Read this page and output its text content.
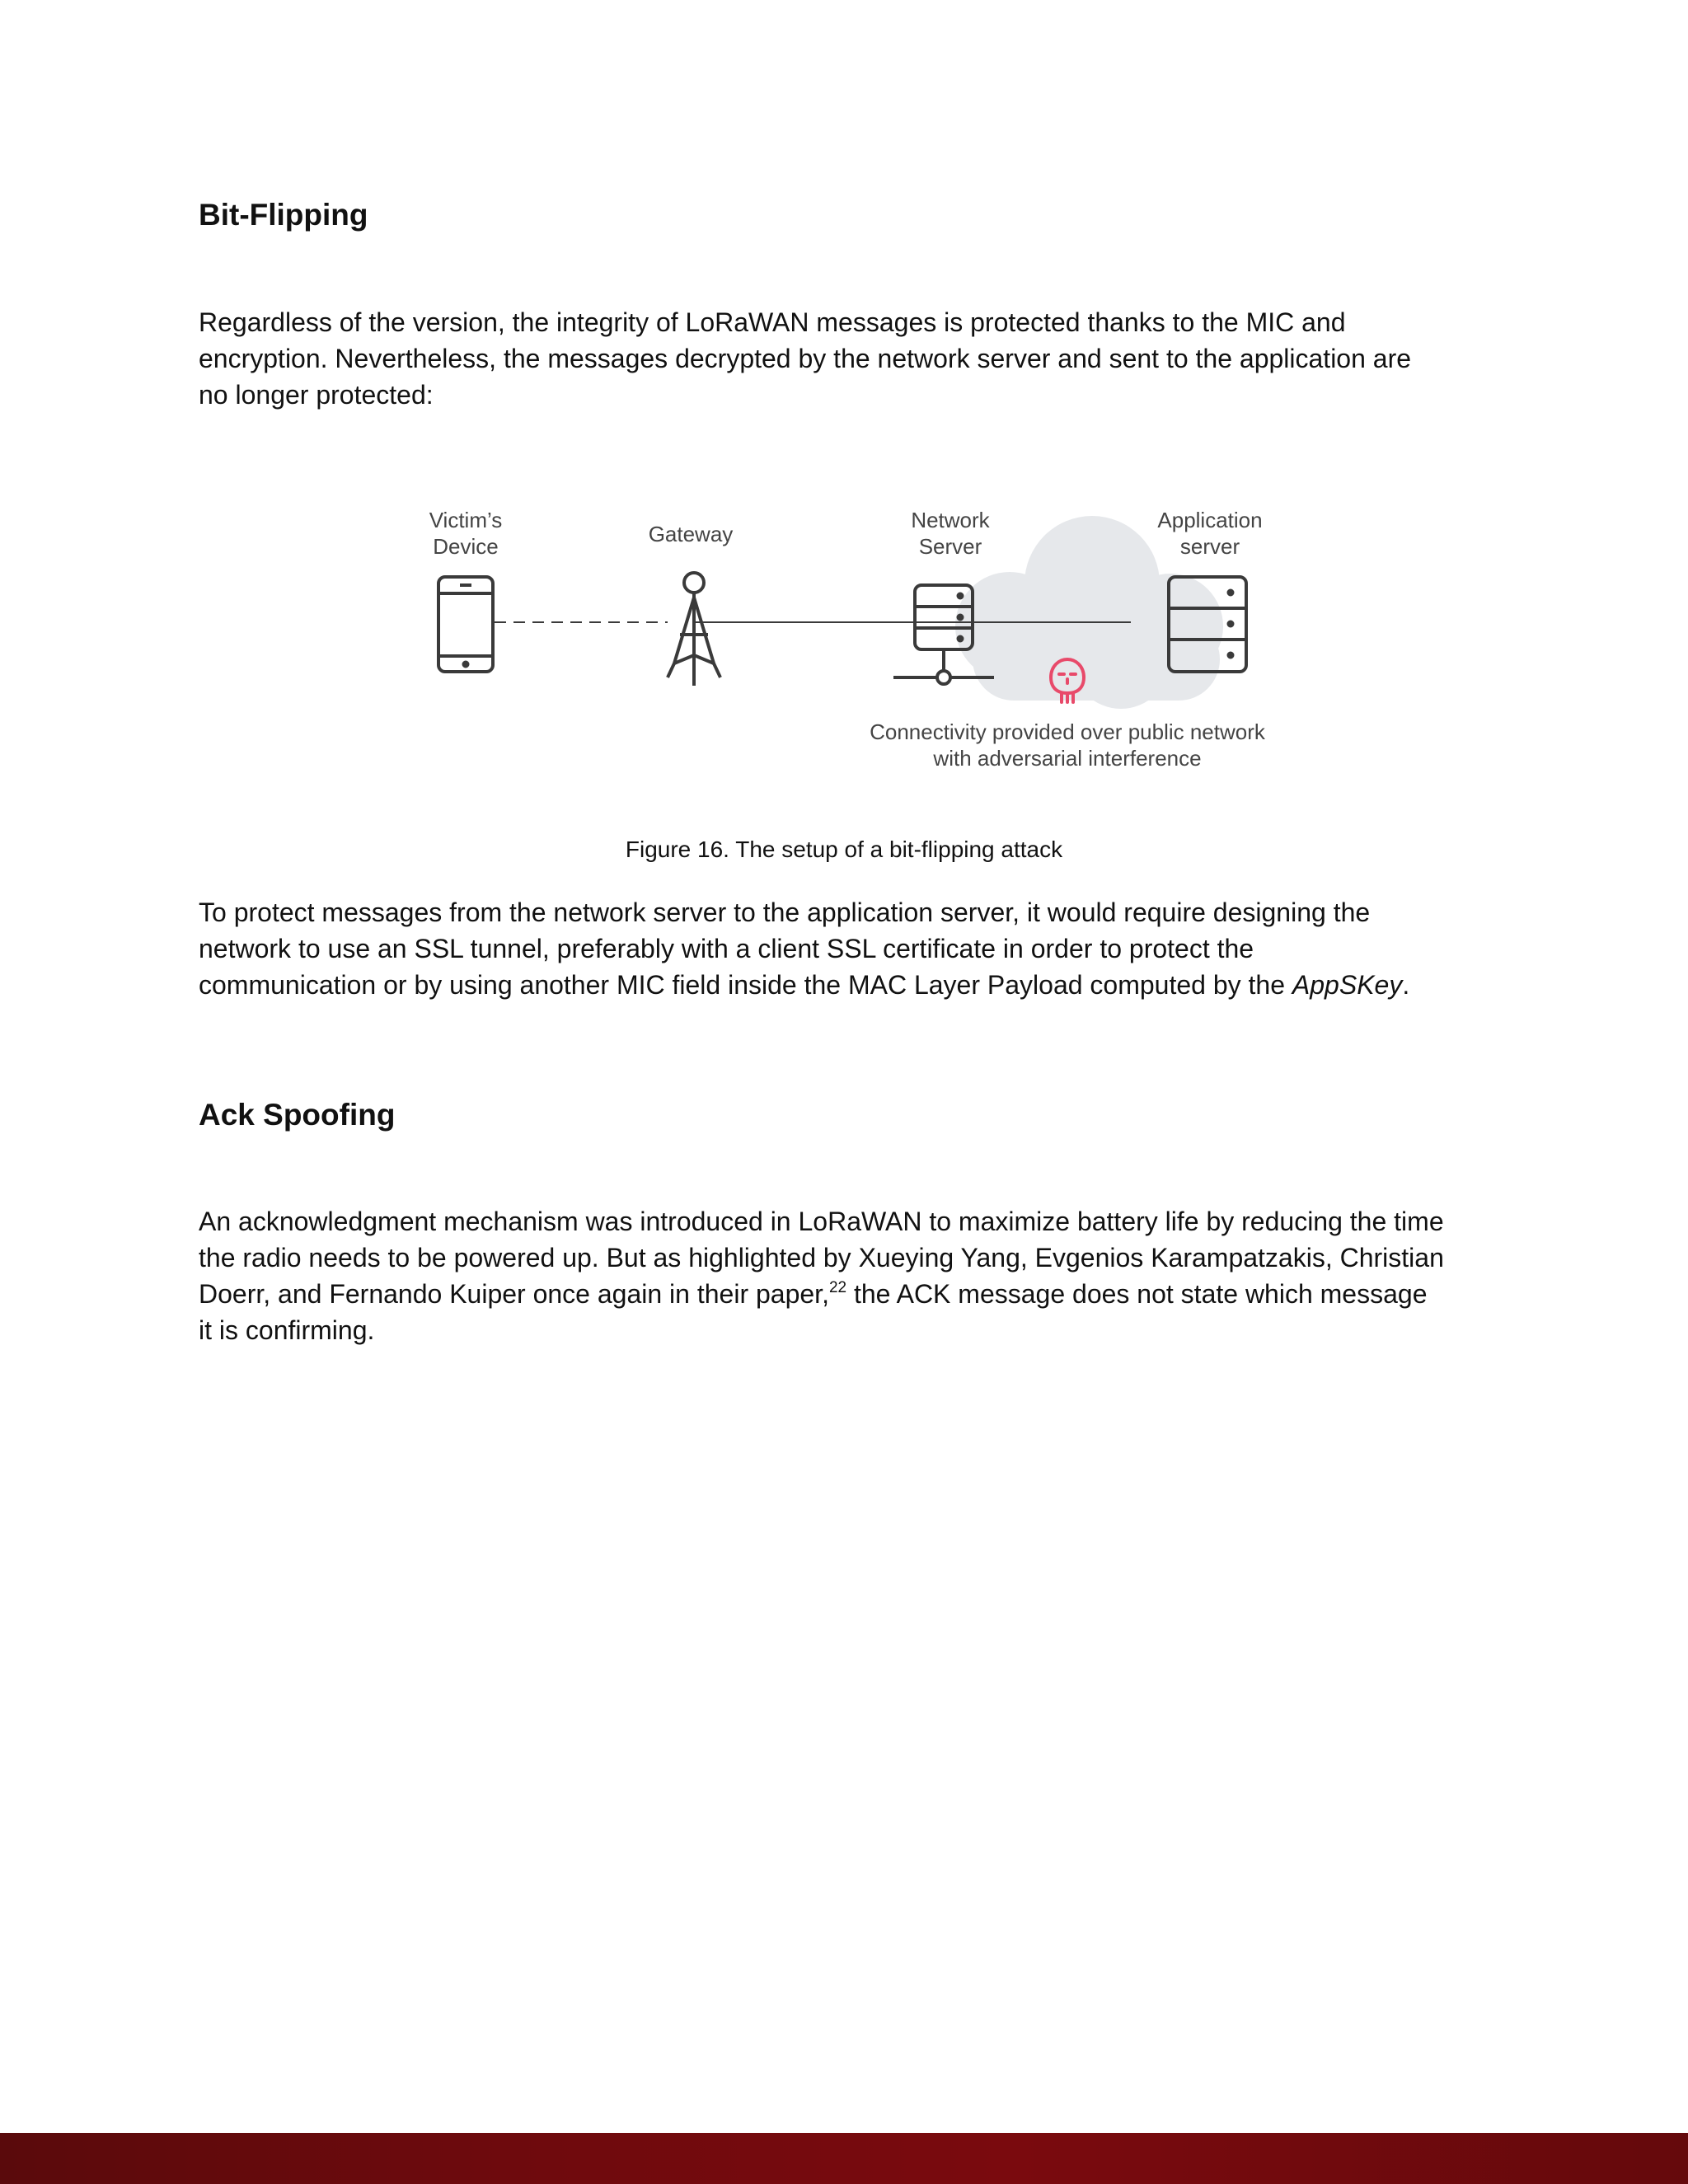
Bit-Flipping

Regardless of the version, the integrity of LoRaWAN messages is protected thanks to the MIC and
encryption. Nevertheless, the messages decrypted by the network server and sent to the application are
no longer protected:

Victim’s
Device	Gateway
Network
Server
Application
server
Connectivity provided over public network
with adversarial interference

Figure 16. The setup of a bit-flipping attack

To protect messages from the network server to the application server, it would require designing the
network to use an SSL tunnel, preferably with a client SSL certificate in order to protect the
communication or by using another MIC field inside the MAC Layer Payload computed by the AppSKey.

Ack Spoofing

An acknowledgment mechanism was introduced in LoRaWAN to maximize battery life by reducing the time
the radio needs to be powered up. But as highlighted by Xueying Yang, Evgenios Karampatzakis, Christian
Doerr, and Fernando Kuiper once again in their paper,$^{22}$ the ACK message does not state which message
it is confirming.
